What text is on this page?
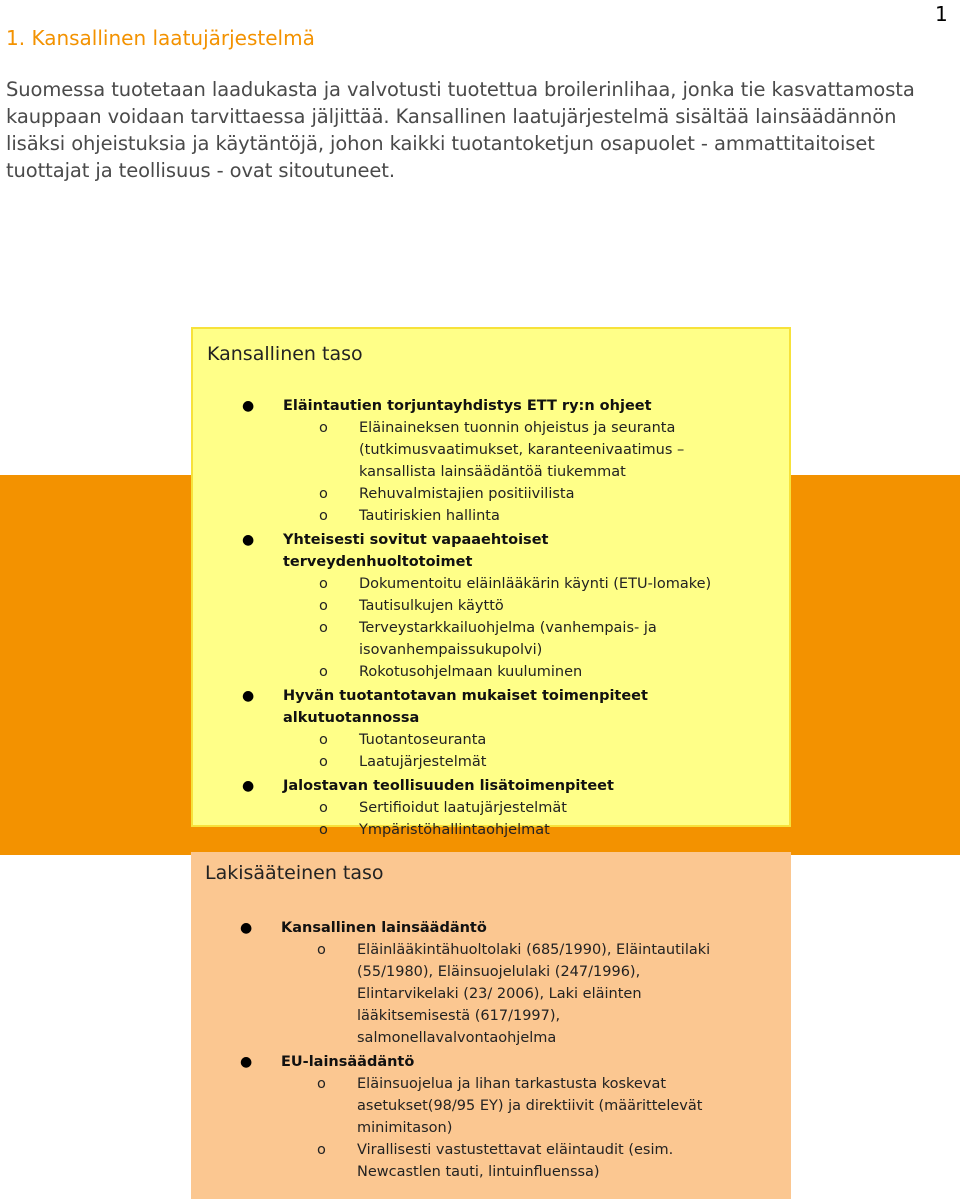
1
1. Kansallinen laatujärjestelmä

Suomessa tuotetaan laadukasta ja valvotusti tuotettua broilerinlihaa, jonka tie kasvattamosta kauppaan voidaan tarvittaessa jäljittää. Kansallinen laatujärjestelmä sisältää lainsäädännön lisäksi ohjeistuksia ja käytäntöjä, johon kaikki tuotantoketjun osapuolet - ammattitaitoiset tuottajat ja teollisuus - ovat sitoutuneet.

Kansallinen taso
● Eläintautien torjuntayhdistys ETT ry:n ohjeet
o Eläinaineksen tuonnin ohjeistus ja seuranta (tutkimusvaatimukset, karanteenivaatimus – kansallista lainsäädäntöä tiukemmat
o Rehuvalmistajien positiivilista
o Tautiriskien hallinta
● Yhteisesti sovitut vapaaehtoiset terveydenhuoltotoimet
o Dokumentoitu eläinlääkärin käynti (ETU-lomake)
o Tautisulkujen käyttö
o Terveystarkkailuohjelma (vanhempais- ja isovanhempaissukupolvi)
o Rokotusohjelmaan kuuluminen
● Hyvän tuotantotavan mukaiset toimenpiteet alkutuotannossa
o Tuotantoseuranta
o Laatujärjestelmät
● Jalostavan teollisuuden lisätoimenpiteet
o Sertifioidut laatujärjestelmät
o Ympäristöhallintaohjelmat
Lakisääteinen taso
● Kansallinen lainsäädäntö
o Eläinlääkintähuoltolaki (685/1990), Eläintautilaki (55/1980), Eläinsuojelulaki (247/1996), Elintarvikelaki (23/ 2006), Laki eläinten lääkitsemisestä (617/1997), salmonellavalvontaohjelma
● EU-lainsäädäntö
o Eläinsuojelua ja lihan tarkastusta koskevat asetukset(98/95 EY) ja direktiivit (määrittelevät minimitason)
o Virallisesti vastustettavat eläintaudit (esim. Newcastlen tauti, lintuinfluenssa)
